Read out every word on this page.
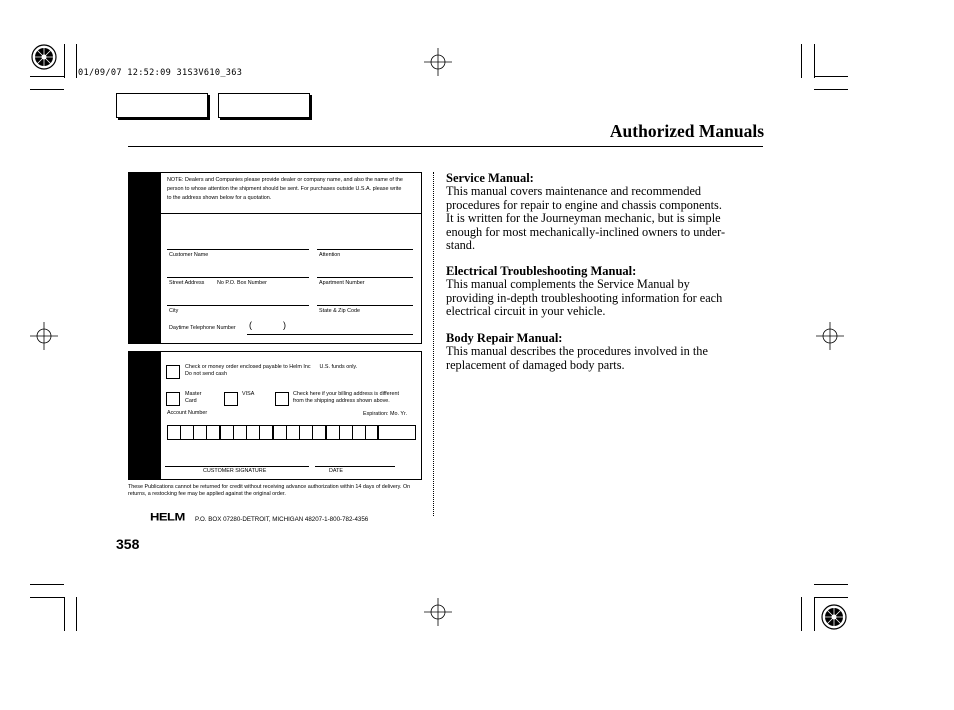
01/09/07 12:52:09 31S3V610_363
Authorized Manuals
NOTE: Dealers and Companies please provide dealer or company name, and also the name of the person to whose attention the shipment should be sent. For purchases outside U.S.A. please write to the address shown below for a quotation.
Customer Name	Attention
Street Address No P.O. Box Number	Apartment Number
City	State & Zip Code
Daytime Telephone Number (	)
Check or money order enclosed payable to Helm Inc      U.S. funds only.
Do not send cash
Master
Card
VISA	Check here if your billing address is different
from the shipping address shown above.
Account Number	Expiration: Mo. Yr.
CUSTOMER SIGNATURE	DATE
These Publications cannot be returned for credit without receiving advance authorization within 14 days of delivery. On returns, a restocking fee may be applied against the original order.
HELM P.O. BOX 07280-DETROIT, MICHIGAN 48207-1-800-782-4356
358
Service Manual:
This manual covers maintenance and recommended
procedures for repair to engine and chassis components.
It is written for the Journeyman mechanic, but is simple
enough for most mechanically-inclined owners to under-
stand.
Electrical Troubleshooting Manual:
This manual complements the Service Manual by
providing in-depth troubleshooting information for each
electrical circuit in your vehicle.
Body Repair Manual:
This manual describes the procedures involved in the
replacement of damaged body parts.
